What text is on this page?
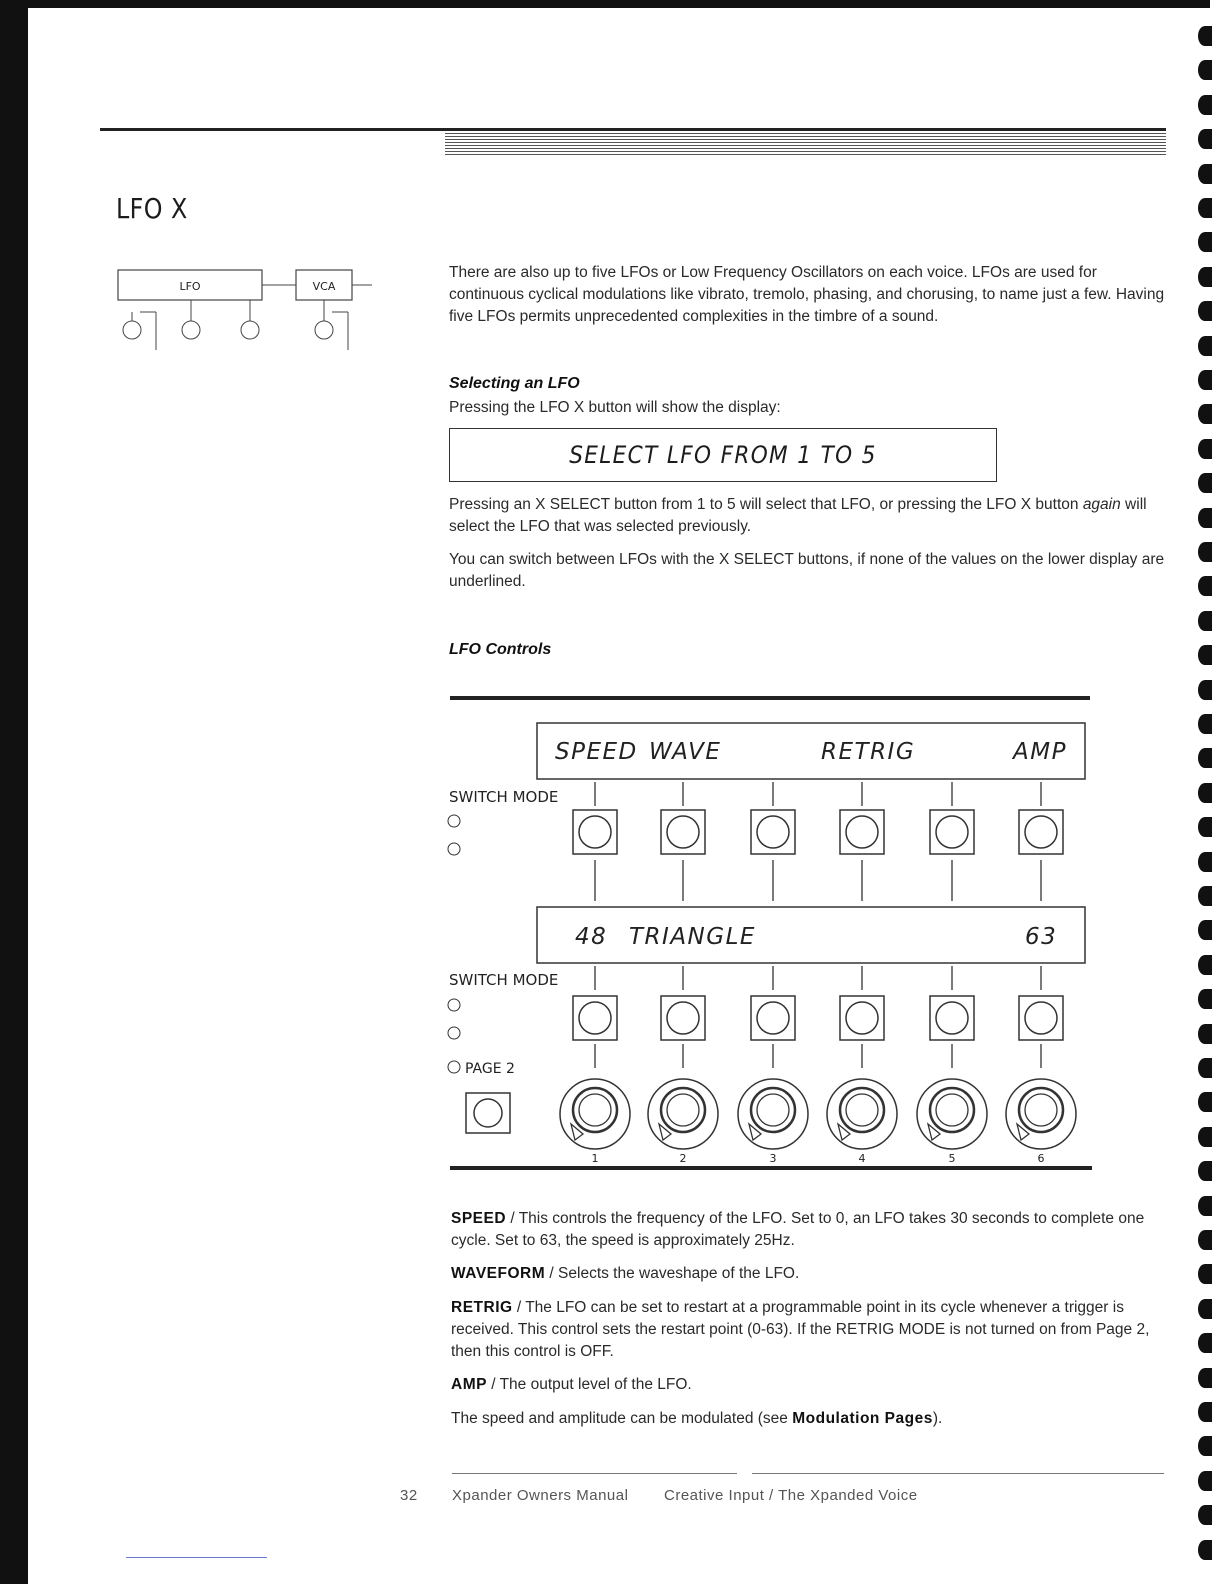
LFO X
LFO	VCA
There are also up to five LFOs or Low Frequency Oscillators on each voice. LFOs are used for continuous cyclical modulations like vibrato, tremolo, phasing, and chorusing, to name just a few. Having five LFOs permits unprecedented complexities in the timbre of a sound.
Selecting an LFO
Pressing the LFO X button will show the display:
SELECT LFO FROM 1 TO 5
Pressing an X SELECT button from 1 to 5 will select that LFO, or pressing the LFO X button again will select the LFO that was selected previously.
You can switch between LFOs with the X SELECT buttons, if none of the values on the lower display are underlined.
LFO Controls
SPEED WAVE	RETRIG	AMP
SWITCH MODE
48 TRIANGLE	63
SWITCH MODE
PAGE 2
1	2	3	4	5	6
SPEED / This controls the frequency of the LFO. Set to 0, an LFO takes 30 seconds to complete one cycle. Set to 63, the speed is approximately 25Hz.
WAVEFORM / Selects the waveshape of the LFO.
RETRIG / The LFO can be set to restart at a programmable point in its cycle whenever a trigger is received. This control sets the restart point (0-63). If the RETRIG MODE is not turned on from Page 2, then this control is OFF.
AMP / The output level of the LFO.
The speed and amplitude can be modulated (see Modulation Pages).
32 Xpander Owners Manual Creative Input / The Xpanded Voice
